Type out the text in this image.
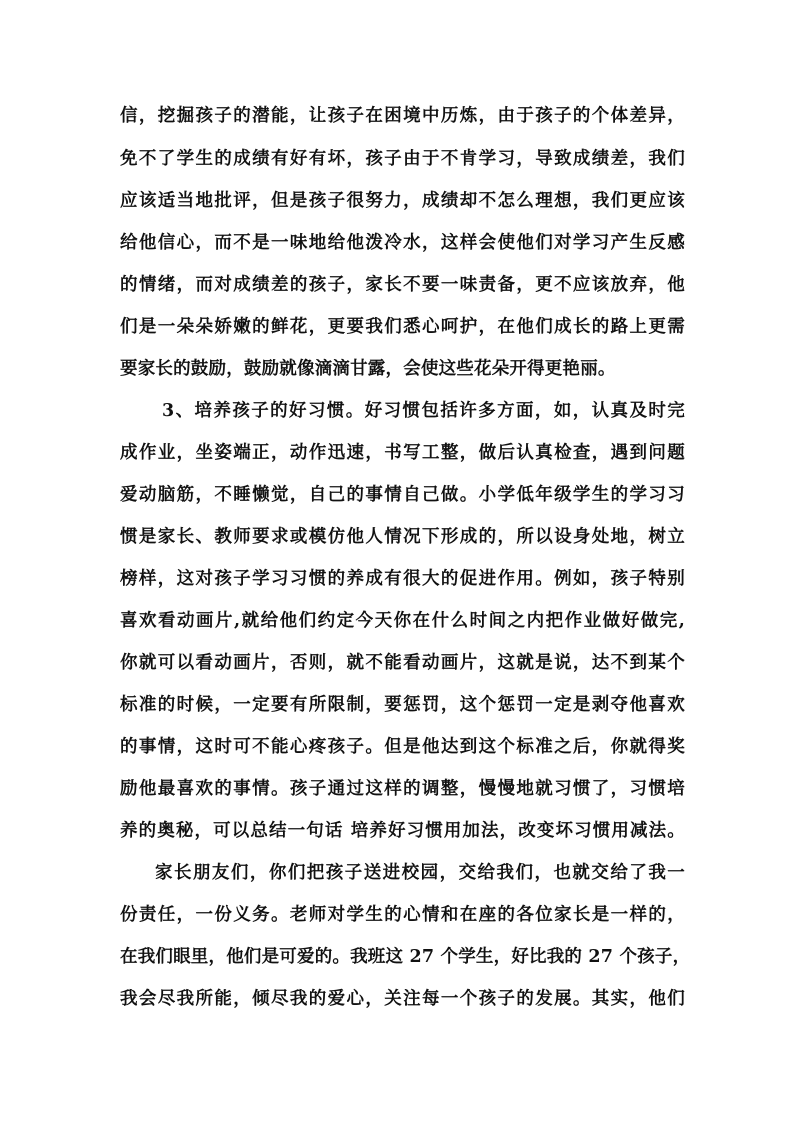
信，挖掘孩子的潜能，让孩子在困境中历炼，由于孩子的个体差异，
免不了学生的成绩有好有坏，孩子由于不肯学习，导致成绩差，我们
应该适当地批评，但是孩子很努力，成绩却不怎么理想，我们更应该
给他信心，而不是一味地给他泼冷水，这样会使他们对学习产生反感
的情绪，而对成绩差的孩子，家长不要一味责备，更不应该放弃，他
们是一朵朵娇嫩的鲜花，更要我们悉心呵护，在他们成长的路上更需
要家长的鼓励，鼓励就像滴滴甘露，会使这些花朵开得更艳丽。
3、培养孩子的好习惯。好习惯包括许多方面，如，认真及时完
成作业，坐姿端正，动作迅速，书写工整，做后认真检查，遇到问题
爱动脑筋，不睡懒觉，自己的事情自己做。小学低年级学生的学习习
惯是家长、教师要求或模仿他人情况下形成的，所以设身处地，树立
榜样，这对孩子学习习惯的养成有很大的促进作用。例如，孩子特别
喜欢看动画片,就给他们约定今天你在什么时间之内把作业做好做完,
你就可以看动画片，否则，就不能看动画片，这就是说，达不到某个
标准的时候，一定要有所限制，要惩罚，这个惩罚一定是剥夺他喜欢
的事情，这时可不能心疼孩子。但是他达到这个标准之后，你就得奖
励他最喜欢的事情。孩子通过这样的调整，慢慢地就习惯了，习惯培
养的奥秘，可以总结一句话 培养好习惯用加法，改变坏习惯用减法。
家长朋友们，你们把孩子送进校园，交给我们，也就交给了我一
份责任，一份义务。老师对学生的心情和在座的各位家长是一样的，
在我们眼里，他们是可爱的。我班这 27 个学生，好比我的 27 个孩子，
我会尽我所能，倾尽我的爱心，关注每一个孩子的发展。其实，他们
